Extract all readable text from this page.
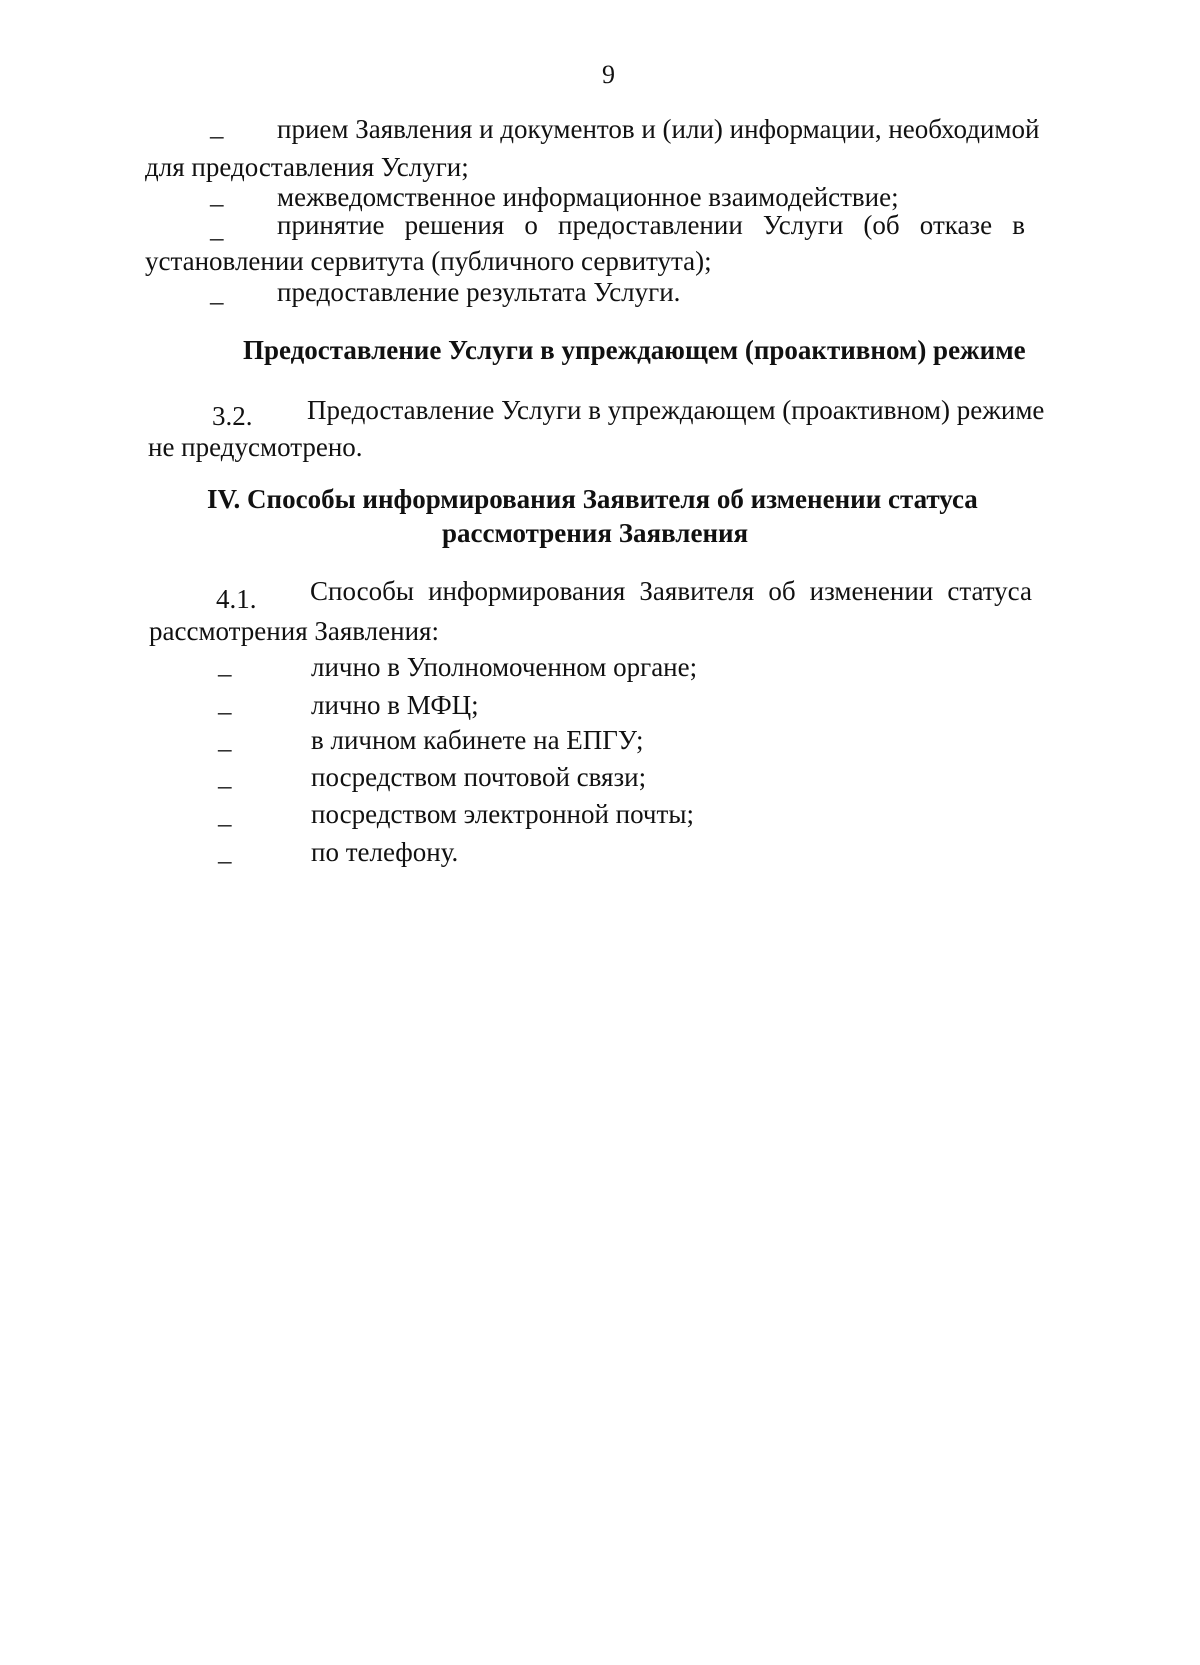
9
– прием Заявления и документов и (или) информации, необходимой
для предоставления Услуги;
– межведомственное информационное взаимодействие;
– принятие решения о предоставлении Услуги (об отказе в
установлении сервитута (публичного сервитута);
– предоставление результата Услуги.
Предоставление Услуги в упреждающем (проактивном) режиме
3.2. Предоставление Услуги в упреждающем (проактивном) режиме
не предусмотрено.
IV. Способы информирования Заявителя об изменении статуса
рассмотрения Заявления
4.1. Способы информирования Заявителя об изменении статуса
рассмотрения Заявления:
–	лично в Уполномоченном органе;
–	лично в МФЦ;
–	в личном кабинете на ЕПГУ;
–	посредством почтовой связи;
–	посредством электронной почты;
–	по телефону.
